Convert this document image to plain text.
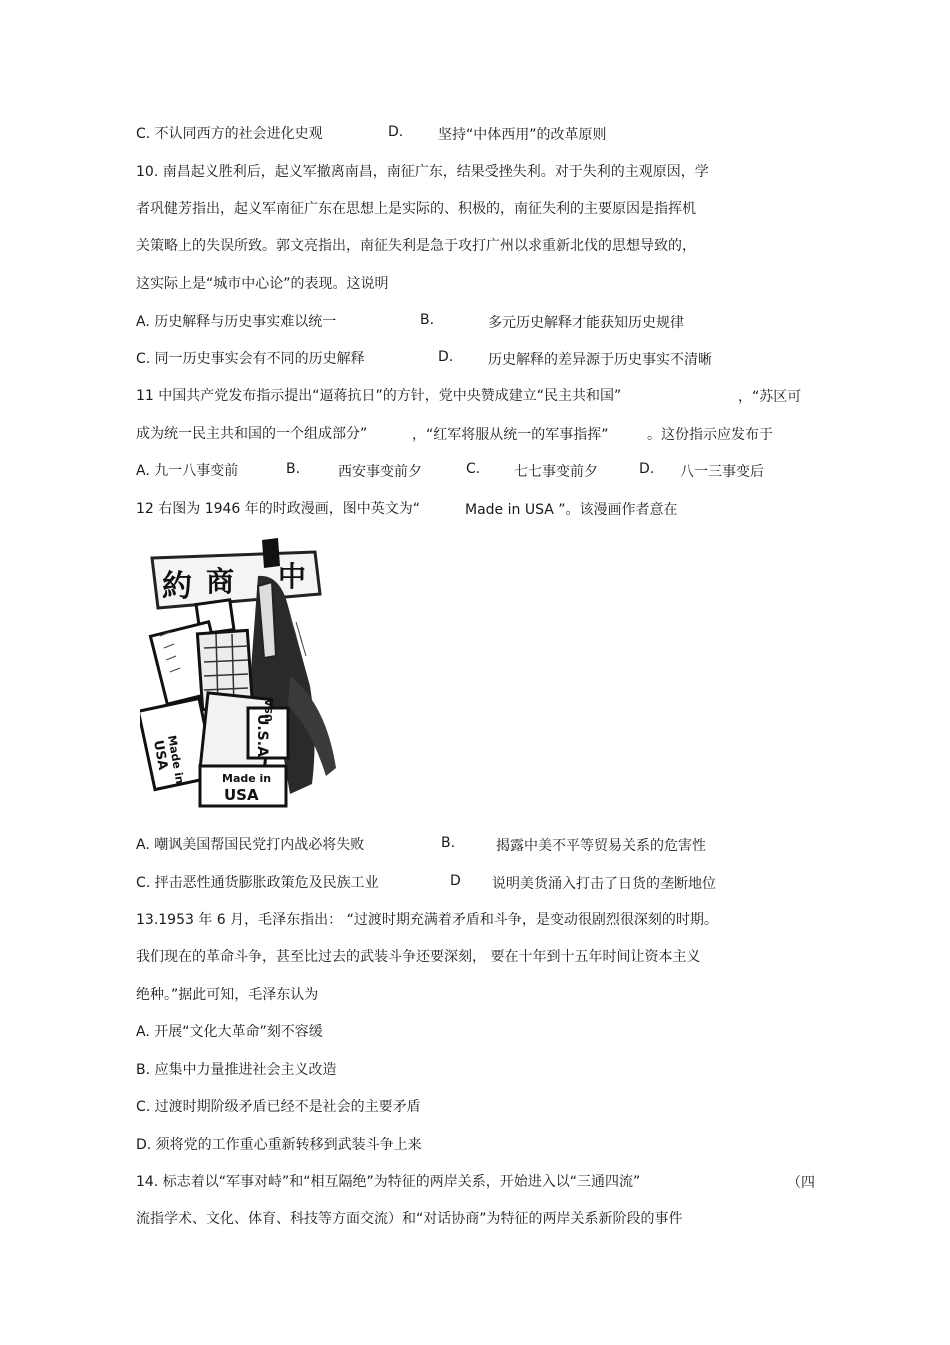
C. 不认同西方的社会进化史观	D. 坚持“中体西用”的改革原则
10. 南昌起义胜利后，起义军撤离南昌，南征广东，结果受挫失利。对于失利的主观原因，学
者巩健芳指出，起义军南征广东在思想上是实际的、积极的，南征失利的主要原因是指挥机
关策略上的失误所致。郭文亮指出，南征失利是急于攻打广州以求重新北伐的思想导致的，
这实际上是“城市中心论”的表现。这说明
A. 历史解释与历史事实难以统一	B.	多元历史解释才能获知历史规律
C. 同一历史事实会有不同的历史解释	D. 历史解释的差异源于历史事实不清晰
11 中国共产党发布指示提出“逼蒋抗日”的方针，党中央赞成建立“民主共和国”	，“苏区可
成为统一民主共和国的一个组成部分”	，“红军将服从统一的军事指挥”	。这份指示应发布于
A. 九一八事变前	B.	西安事变前夕	C. 七七事变前夕	D. 八一三事变后
12 右图为 1946 年的时政漫画，图中英文为“	Made in USA ”。该漫画作者意在
約 商 中
Made in
USA	U.S.A
USA
Made in
USA
A. 嘲讽美国帮国民党打内战必将失败	B.	揭露中美不平等贸易关系的危害性
C. 抨击恶性通货膨胀政策危及民族工业	D 说明美货涌入打击了日货的垄断地位
13.1953 年 6 月，毛泽东指出： “过渡时期充满着矛盾和斗争，是变动很剧烈很深刻的时期。
我们现在的革命斗争，甚至比过去的武装斗争还要深刻， 要在十年到十五年时间让资本主义
绝种。”据此可知，毛泽东认为
A. 开展“文化大革命”刻不容缓
B. 应集中力量推进社会主义改造
C. 过渡时期阶级矛盾已经不是社会的主要矛盾
D. 须将党的工作重心重新转移到武装斗争上来
14. 标志着以“军事对峙”和“相互隔绝”为特征的两岸关系，开始进入以“三通四流”	（四
流指学术、文化、体育、科技等方面交流）和“对话协商”为特征的两岸关系新阶段的事件
